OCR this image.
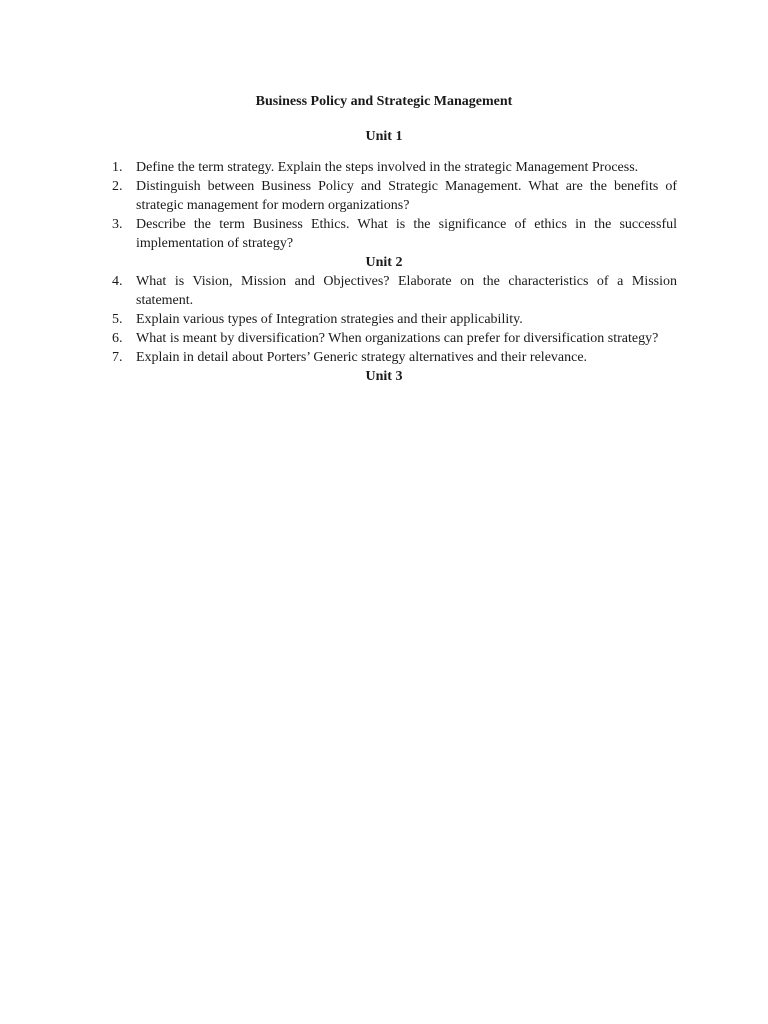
Business Policy and Strategic Management
Unit 1
1. Define the term strategy. Explain the steps involved in the strategic Management Process.
2. Distinguish between Business Policy and Strategic Management. What are the benefits of strategic management for modern organizations?
3. Describe the term Business Ethics. What is the significance of ethics in the successful implementation of strategy?
Unit 2
4. What is Vision, Mission and Objectives? Elaborate on the characteristics of a Mission statement.
5. Explain various types of Integration strategies and their applicability.
6. What is meant by diversification? When organizations can prefer for diversification strategy?
7. Explain in detail about Porters’ Generic strategy alternatives and their relevance.
Unit 3
